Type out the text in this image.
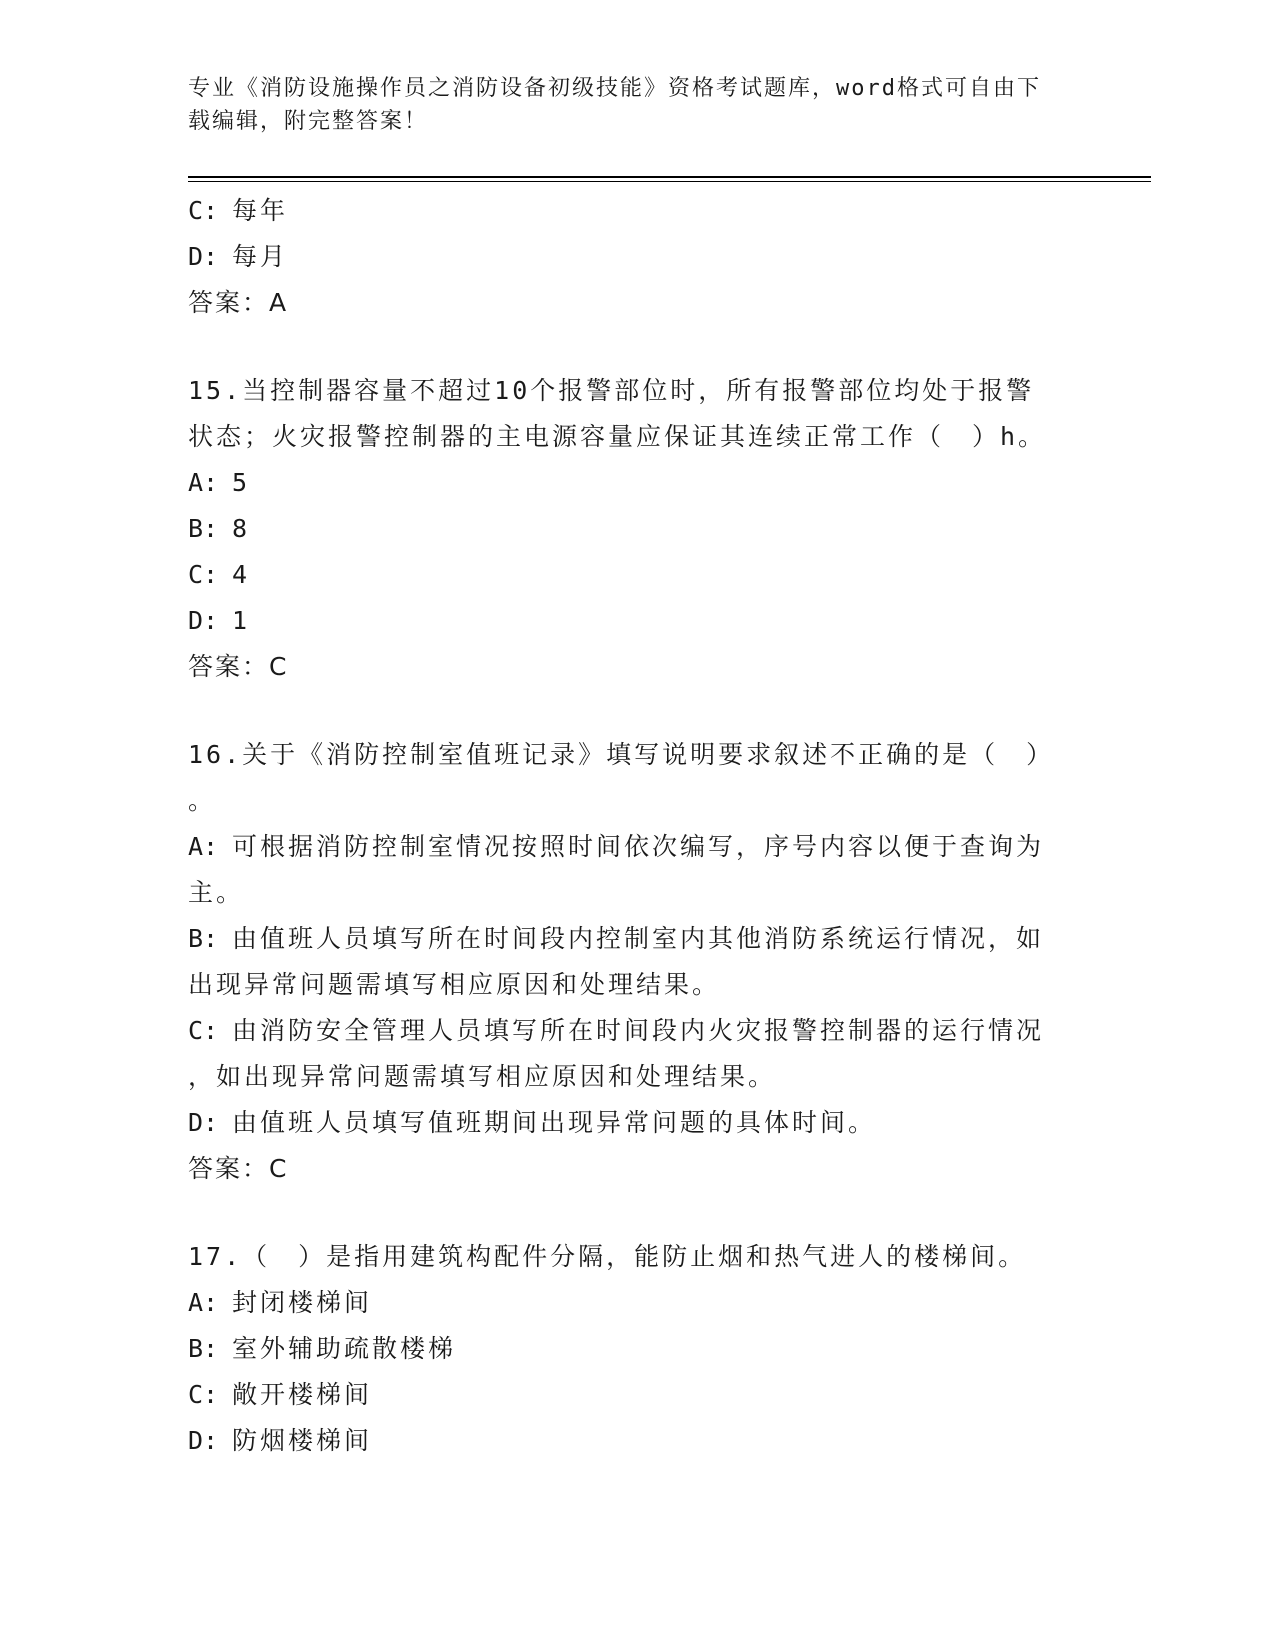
专业《消防设施操作员之消防设备初级技能》资格考试题库，word格式可自由下
载编辑，附完整答案！
C: 每年
D: 每月
答案：A
15.当控制器容量不超过10个报警部位时，所有报警部位均处于报警
状态；火灾报警控制器的主电源容量应保证其连续正常工作（　）h。
A: 5
B: 8
C: 4
D: 1
答案：C
16.关于《消防控制室值班记录》填写说明要求叙述不正确的是（　）
。
A: 可根据消防控制室情况按照时间依次编写，序号内容以便于查询为
主。
B: 由值班人员填写所在时间段内控制室内其他消防系统运行情况，如
出现异常问题需填写相应原因和处理结果。
C: 由消防安全管理人员填写所在时间段内火灾报警控制器的运行情况
，如出现异常问题需填写相应原因和处理结果。
D: 由值班人员填写值班期间出现异常问题的具体时间。
答案：C
17.（　）是指用建筑构配件分隔，能防止烟和热气进人的楼梯间。
A: 封闭楼梯间
B: 室外辅助疏散楼梯
C: 敞开楼梯间
D: 防烟楼梯间
